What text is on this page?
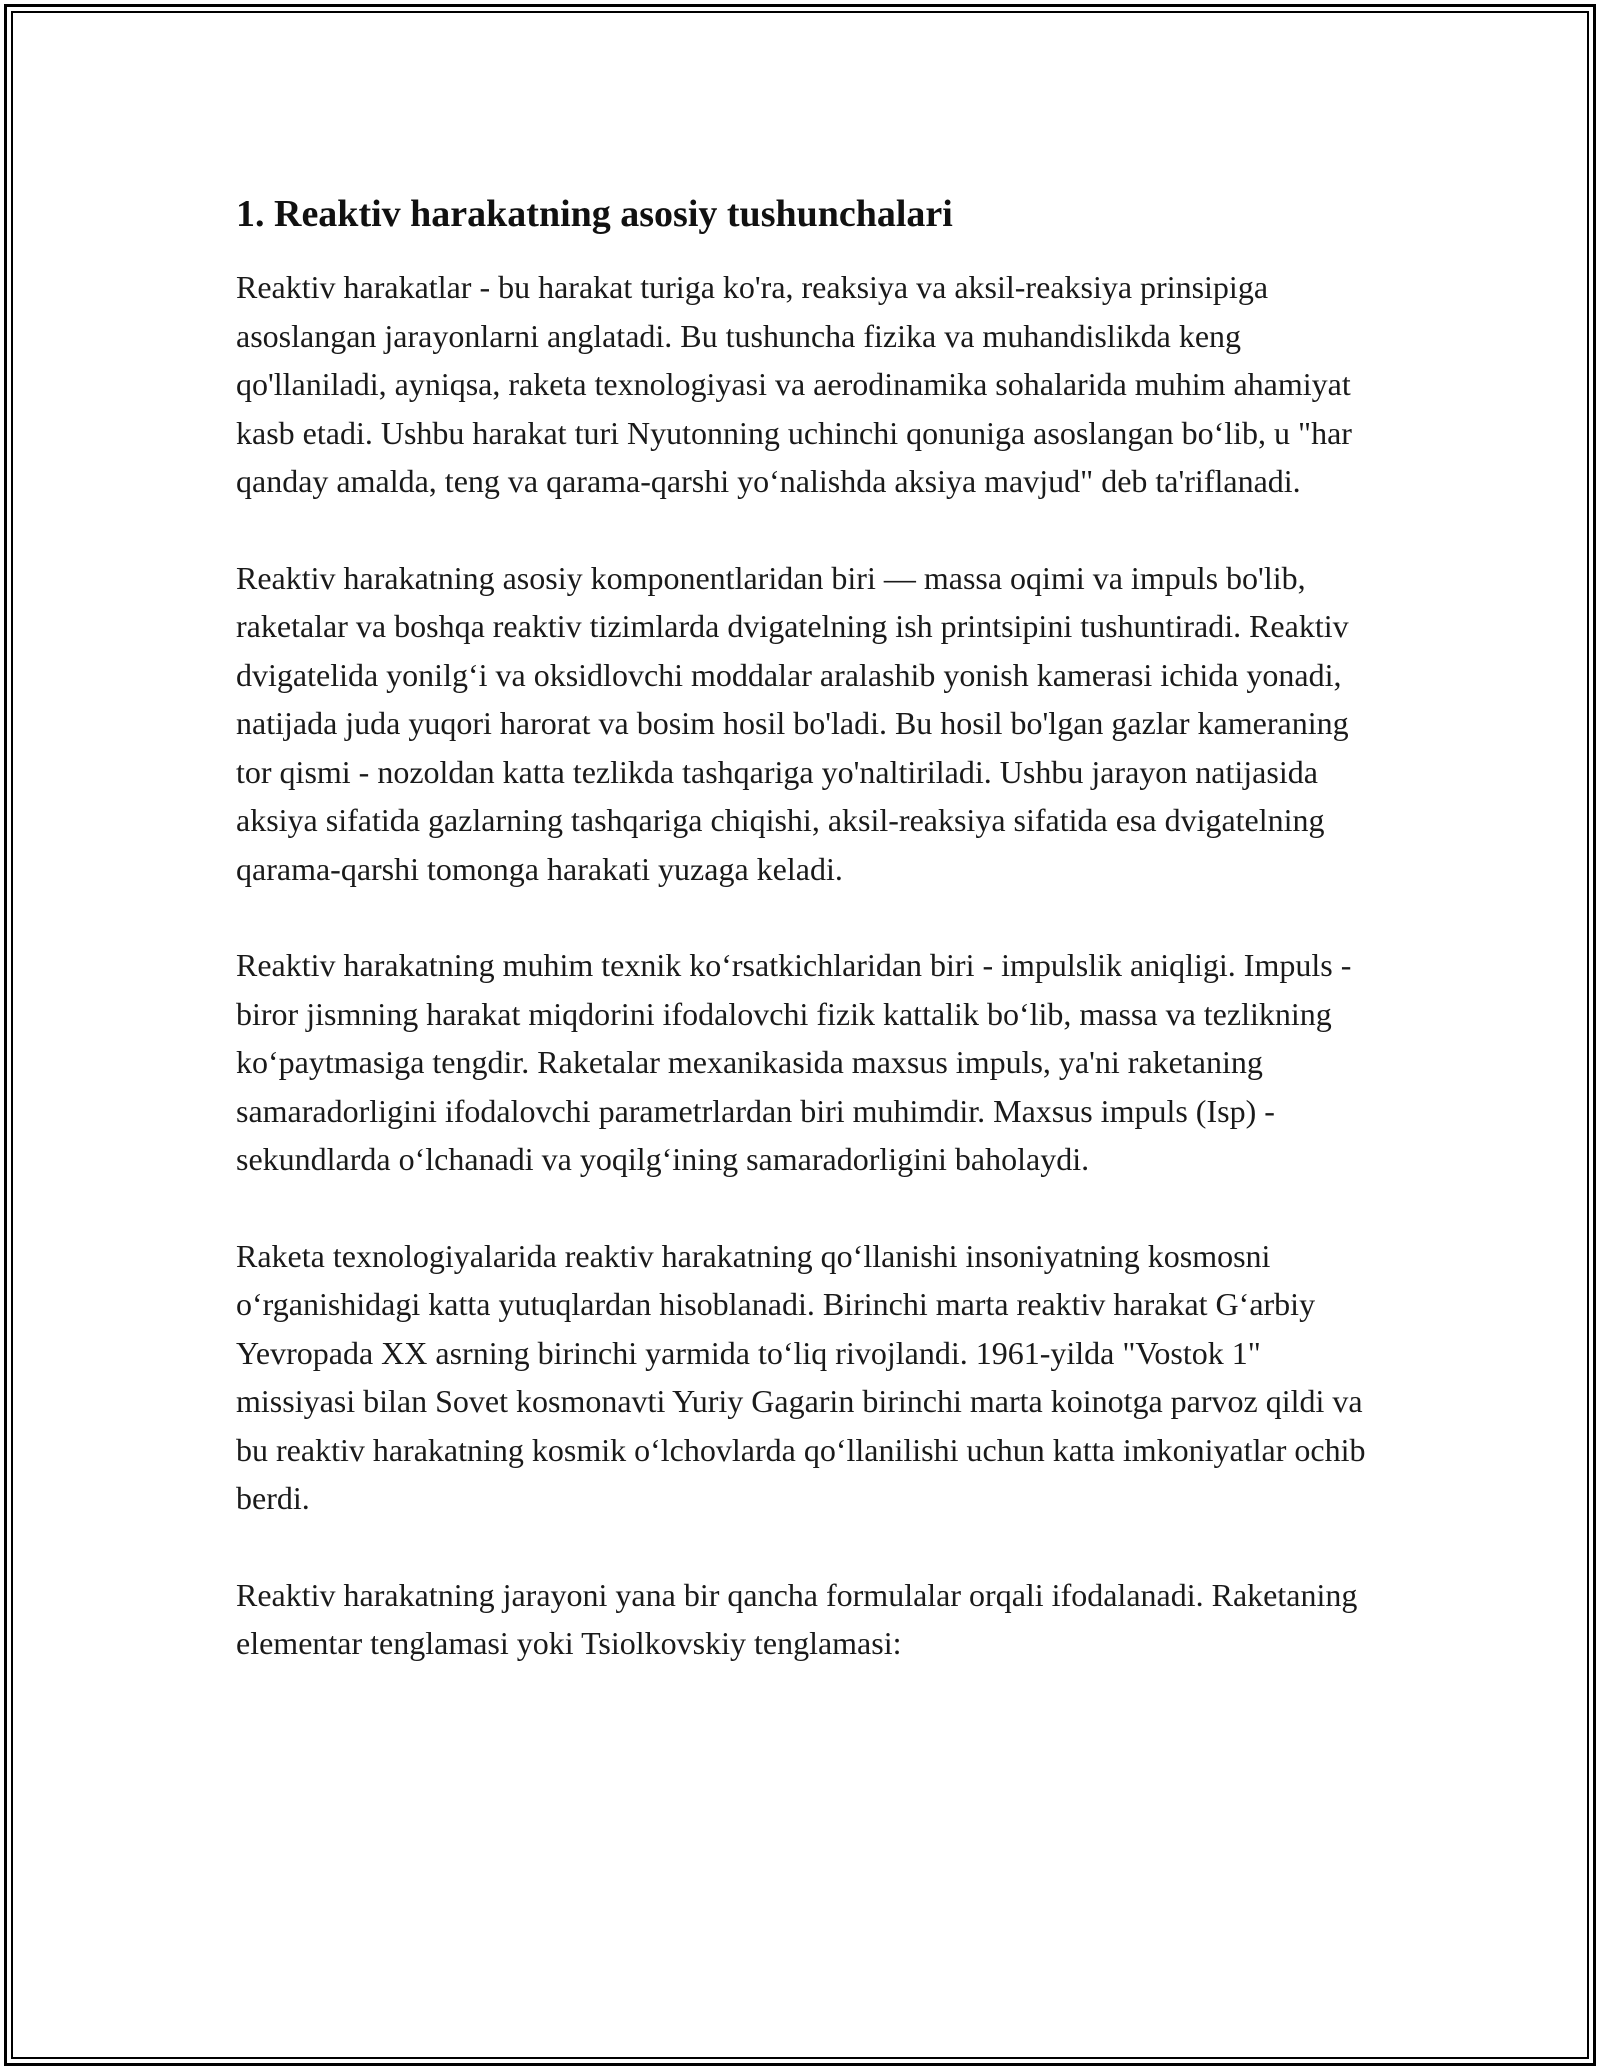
1. Reaktiv harakatning asosiy tushunchalari

Reaktiv harakatlar - bu harakat turiga ko'ra, reaksiya va aksil-reaksiya prinsipiga asoslangan jarayonlarni anglatadi. Bu tushuncha fizika va muhandislikda keng qo'llaniladi, ayniqsa, raketa texnologiyasi va aerodinamika sohalarida muhim ahamiyat kasb etadi. Ushbu harakat turi Nyutonning uchinchi qonuniga asoslangan bo‘lib, u "har qanday amalda, teng va qarama-qarshi yo‘nalishda aksiya mavjud" deb ta'riflanadi.

Reaktiv harakatning asosiy komponentlaridan biri — massa oqimi va impuls bo'lib, raketalar va boshqa reaktiv tizimlarda dvigatelning ish printsipini tushuntiradi. Reaktiv dvigatelida yonilg‘i va oksidlovchi moddalar aralashib yonish kamerasi ichida yonadi, natijada juda yuqori harorat va bosim hosil bo'ladi. Bu hosil bo'lgan gazlar kameraning tor qismi - nozoldan katta tezlikda tashqariga yo'naltiriladi. Ushbu jarayon natijasida aksiya sifatida gazlarning tashqariga chiqishi, aksil-reaksiya sifatida esa dvigatelning qarama-qarshi tomonga harakati yuzaga keladi.

Reaktiv harakatning muhim texnik ko‘rsatkichlaridan biri - impulslik aniqligi. Impuls - biror jismning harakat miqdorini ifodalovchi fizik kattalik bo‘lib, massa va tezlikning ko‘paytmasiga tengdir. Raketalar mexanikasida maxsus impuls, ya'ni raketaning samaradorligini ifodalovchi parametrlardan biri muhimdir. Maxsus impuls (Isp) - sekundlarda o‘lchanadi va yoqilg‘ining samaradorligini baholaydi.

Raketa texnologiyalarida reaktiv harakatning qo‘llanishi insoniyatning kosmosni o‘rganishidagi katta yutuqlardan hisoblanadi. Birinchi marta reaktiv harakat G‘arbiy Yevropada XX asrning birinchi yarmida to‘liq rivojlandi. 1961-yilda "Vostok 1" missiyasi bilan Sovet kosmonavti Yuriy Gagarin birinchi marta koinotga parvoz qildi va bu reaktiv harakatning kosmik o‘lchovlarda qo‘llanilishi uchun katta imkoniyatlar ochib berdi.

Reaktiv harakatning jarayoni yana bir qancha formulalar orqali ifodalanadi. Raketaning elementar tenglamasi yoki Tsiolkovskiy tenglamasi:
